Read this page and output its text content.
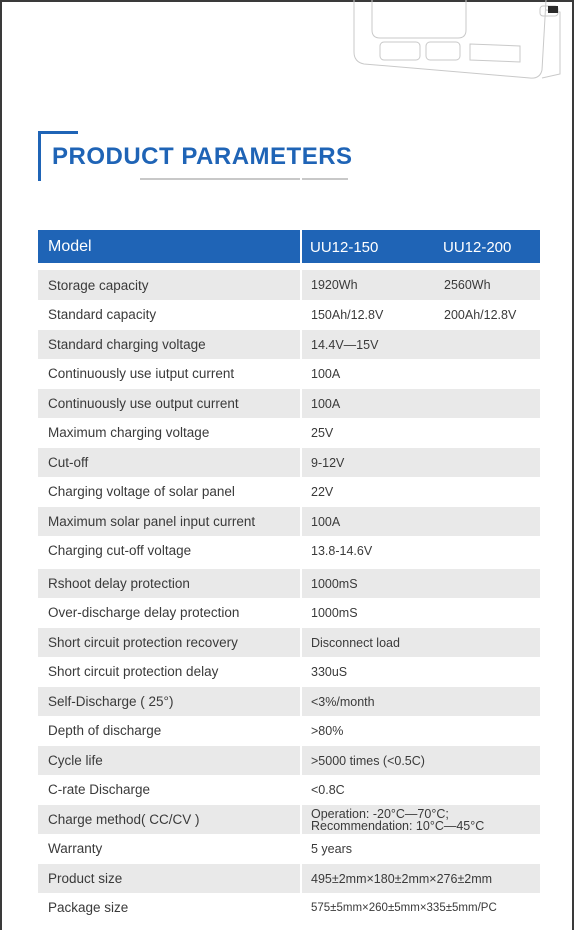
PRODUCT PARAMETERS
Model	UU12-150	UU12-200
Storage capacity	1920Wh	2560Wh
Standard capacity	150Ah/12.8V	200Ah/12.8V
Standard charging voltage	14.4V—15V
Continuously use iutput current	100A
Continuously use output current	100A
Maximum charging voltage	25V
Cut-off	9-12V
Charging voltage of solar panel	22V
Maximum solar panel input current	100A
Charging cut-off voltage	13.8-14.6V
Rshoot delay protection	1000mS
Over-discharge delay protection	1000mS
Short circuit protection recovery	Disconnect load
Short circuit protection delay	330uS
Self-Discharge ( 25°)	<3%/month
Depth of discharge	>80%
Cycle life	>5000 times (<0.5C)
C-rate Discharge	<0.8C
Charge method( CC/CV )	Operation: -20°C—70°C;
Recommendation: 10°C—45°C
Warranty	5 years
Product size	495±2mm×180±2mm×276±2mm
Package size	575±5mm×260±5mm×335±5mm/PC
